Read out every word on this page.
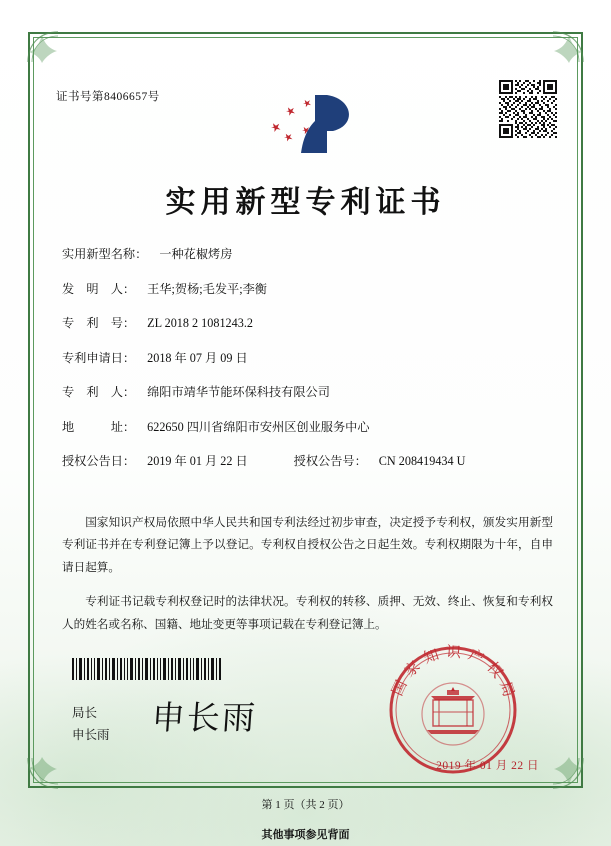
证书号第8406657号
实用新型专利证书
实用新型名称： 一种花椒烤房
发　明　人： 王华;贺杨;毛发平;李衡
专　利　号： ZL 2018 2 1081243.2
专利申请日： 2018 年 07 月 09 日
专　利　人： 绵阳市靖华节能环保科技有限公司
地　　　址： 622650 四川省绵阳市安州区创业服务中心
授权公告日： 2019 年 01 月 22 日	授权公告号： CN 208419434 U

国家知识产权局依照中华人民共和国专利法经过初步审查，决定授予专利权，颁发实用新型专利证书并在专利登记簿上予以登记。专利权自授权公告之日起生效。专利权期限为十年，自申请日起算。

专利证书记载专利权登记时的法律状况。专利权的转移、质押、无效、终止、恢复和专利权人的姓名或名称、国籍、地址变更等事项记载在专利登记簿上。

局长
申长雨 申长雨
国家知识产权局
2019 年 01 月 22 日
第 1 页（共 2 页）
其他事项参见背面
